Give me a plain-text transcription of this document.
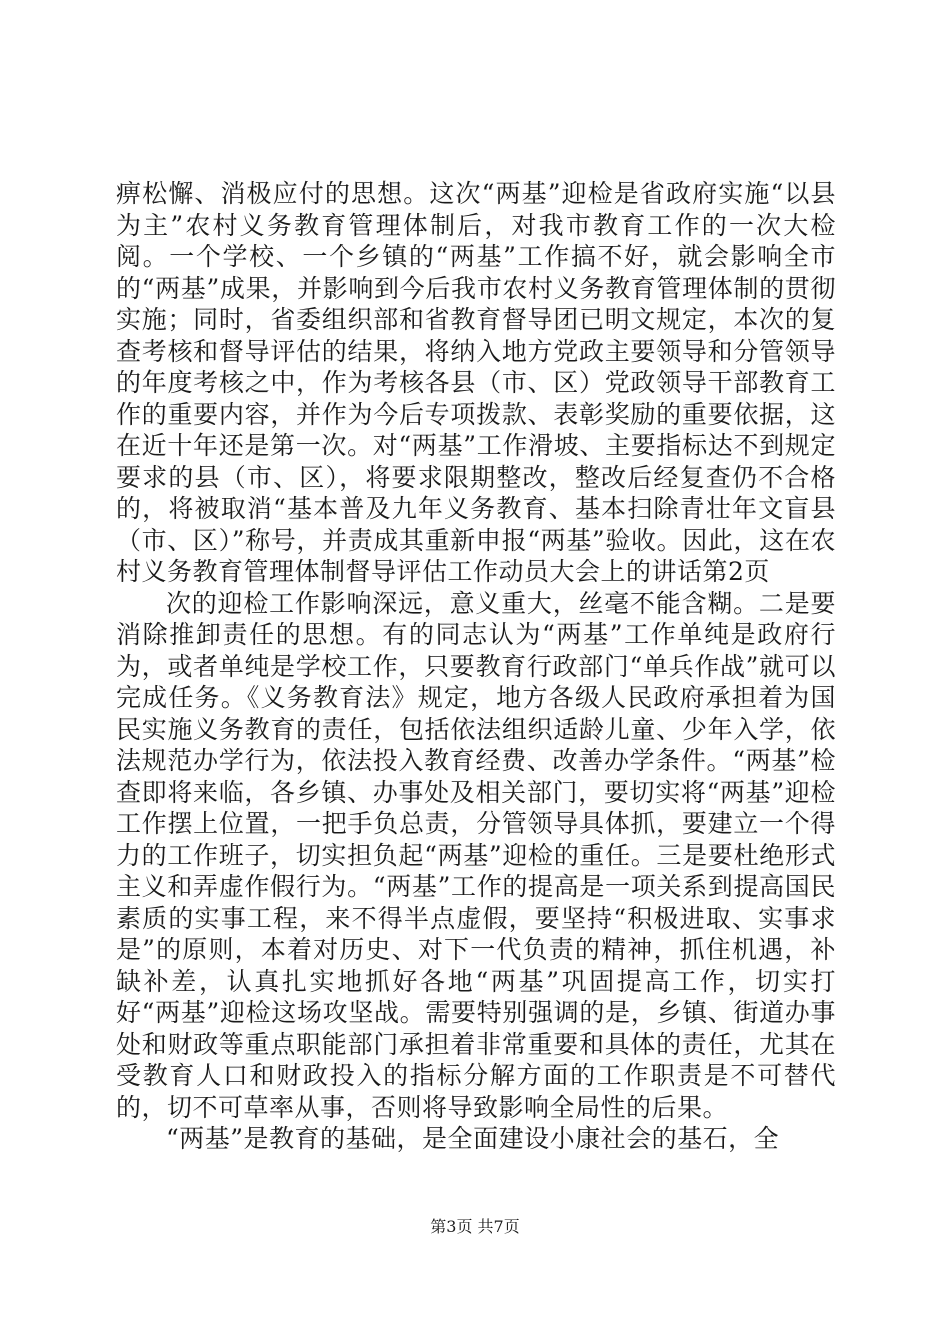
痹松懈、消极应付的思想。这次“两基”迎检是省政府实施“以县为主”农村义务教育管理体制后，对我市教育工作的一次大检阅。一个学校、一个乡镇的“两基”工作搞不好，就会影响全市的“两基”成果，并影响到今后我市农村义务教育管理体制的贯彻实施；同时，省委组织部和省教育督导团已明文规定，本次的复查考核和督导评估的结果，将纳入地方党政主要领导和分管领导的年度考核之中，作为考核各县（市、区）党政领导干部教育工作的重要内容，并作为今后专项拨款、表彰奖励的重要依据，这在近十年还是第一次。对“两基”工作滑坡、主要指标达不到规定要求的县（市、区），将要求限期整改，整改后经复查仍不合格的，将被取消“基本普及九年义务教育、基本扫除青壮年文盲县（市、区）”称号，并责成其重新申报“两基”验收。因此，这在农村义务教育管理体制督导评估工作动员大会上的讲话第2页

次的迎检工作影响深远，意义重大，丝毫不能含糊。二是要消除推卸责任的思想。有的同志认为“两基”工作单纯是政府行为，或者单纯是学校工作，只要教育行政部门“单兵作战”就可以完成任务。《义务教育法》规定，地方各级人民政府承担着为国民实施义务教育的责任，包括依法组织适龄儿童、少年入学，依法规范办学行为，依法投入教育经费、改善办学条件。“两基”检查即将来临，各乡镇、办事处及相关部门，要切实将“两基”迎检工作摆上位置，一把手负总责，分管领导具体抓，要建立一个得力的工作班子，切实担负起“两基”迎检的重任。三是要杜绝形式主义和弄虚作假行为。“两基”工作的提高是一项关系到提高国民素质的实事工程，来不得半点虚假，要坚持“积极进取、实事求是”的原则，本着对历史、对下一代负责的精神，抓住机遇，补缺补差，认真扎实地抓好各地“两基”巩固提高工作，切实打好“两基”迎检这场攻坚战。需要特别强调的是，乡镇、街道办事处和财政等重点职能部门承担着非常重要和具体的责任，尤其在受教育人口和财政投入的指标分解方面的工作职责是不可替代的，切不可草率从事，否则将导致影响全局性的后果。

“两基”是教育的基础，是全面建设小康社会的基石，全

第3页 共7页
